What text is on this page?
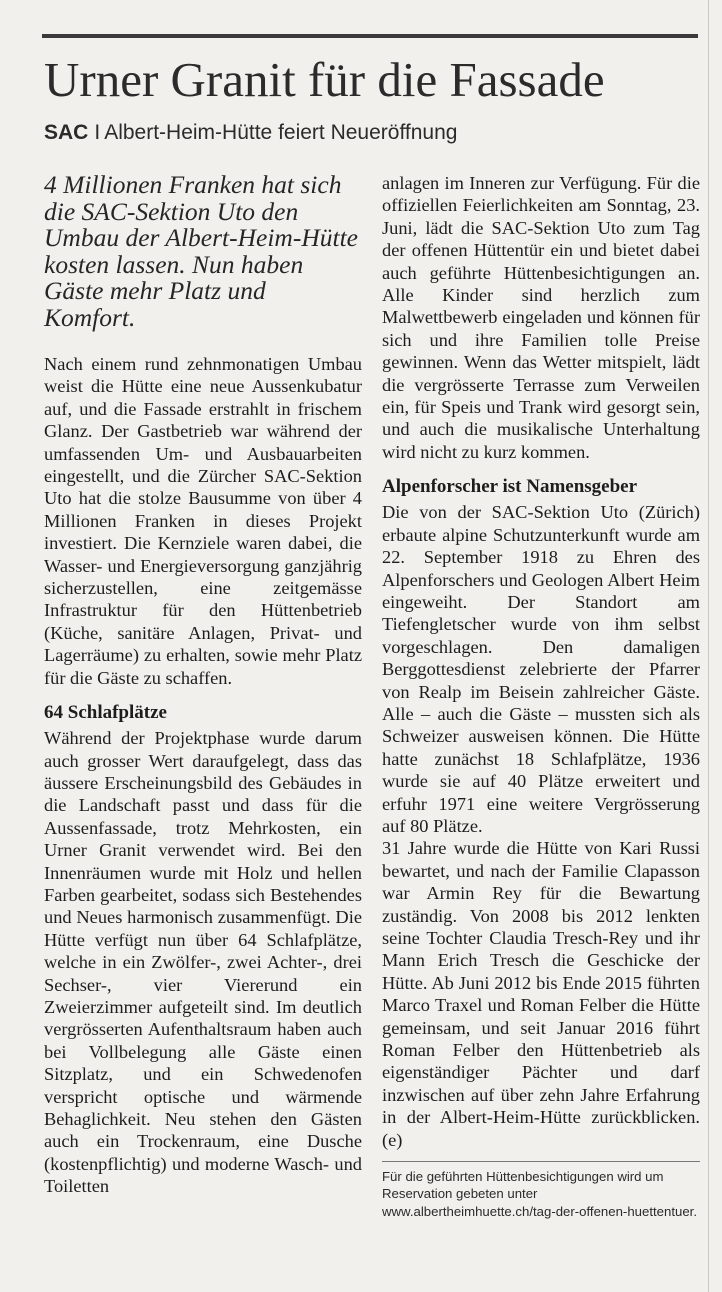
Urner Granit für die Fassade
SAC I Albert-Heim-Hütte feiert Neueröffnung

4 Millionen Franken hat sich die SAC-Sektion Uto den Umbau der Albert-Heim-Hütte kosten lassen. Nun haben Gäste mehr Platz und Komfort.

Nach einem rund zehnmonatigen Umbau weist die Hütte eine neue Aussenkubatur auf, und die Fassade erstrahlt in frischem Glanz. Der Gastbetrieb war während der umfassenden Um- und Ausbauarbeiten eingestellt, und die Zürcher SAC-Sektion Uto hat die stolze Bausumme von über 4 Millionen Franken in dieses Projekt investiert. Die Kernziele waren dabei, die Wasser- und Energieversorgung ganzjährig sicherzustellen, eine zeitgemässe Infrastruktur für den Hüttenbetrieb (Küche, sanitäre Anlagen, Privat- und Lagerräume) zu erhalten, sowie mehr Platz für die Gäste zu schaffen.

64 Schlafplätze

Während der Projektphase wurde darum auch grosser Wert daraufgelegt, dass das äussere Erscheinungsbild des Gebäudes in die Landschaft passt und dass für die Aussenfassade, trotz Mehrkosten, ein Urner Granit verwendet wird. Bei den Innenräumen wurde mit Holz und hellen Farben gearbeitet, sodass sich Bestehendes und Neues harmonisch zusammenfügt. Die Hütte verfügt nun über 64 Schlafplätze, welche in ein Zwölfer-, zwei Achter-, drei Sechser-, vier Viererund ein Zweierzimmer aufgeteilt sind. Im deutlich vergrösserten Aufenthaltsraum haben auch bei Vollbelegung alle Gäste einen Sitzplatz, und ein Schwedenofen verspricht optische und wärmende Behaglichkeit. Neu stehen den Gästen auch ein Trockenraum, eine Dusche (kostenpflichtig) und moderne Wasch- und Toiletten

anlagen im Inneren zur Verfügung. Für die offiziellen Feierlichkeiten am Sonntag, 23. Juni, lädt die SAC-Sektion Uto zum Tag der offenen Hüttentür ein und bietet dabei auch geführte Hüttenbesichtigungen an. Alle Kinder sind herzlich zum Malwettbewerb eingeladen und können für sich und ihre Familien tolle Preise gewinnen. Wenn das Wetter mitspielt, lädt die vergrösserte Terrasse zum Verweilen ein, für Speis und Trank wird gesorgt sein, und auch die musikalische Unterhaltung wird nicht zu kurz kommen.

Alpenforscher ist Namensgeber

Die von der SAC-Sektion Uto (Zürich) erbaute alpine Schutzunterkunft wurde am 22. September 1918 zu Ehren des Alpenforschers und Geologen Albert Heim eingeweiht. Der Standort am Tiefengletscher wurde von ihm selbst vorgeschlagen. Den damaligen Berggottesdienst zelebrierte der Pfarrer von Realp im Beisein zahlreicher Gäste. Alle – auch die Gäste – mussten sich als Schweizer ausweisen können. Die Hütte hatte zunächst 18 Schlafplätze, 1936 wurde sie auf 40 Plätze erweitert und erfuhr 1971 eine weitere Vergrösserung auf 80 Plätze.

31 Jahre wurde die Hütte von Kari Russi bewartet, und nach der Familie Clapasson war Armin Rey für die Bewartung zuständig. Von 2008 bis 2012 lenkten seine Tochter Claudia Tresch-Rey und ihr Mann Erich Tresch die Geschicke der Hütte. Ab Juni 2012 bis Ende 2015 führten Marco Traxel und Roman Felber die Hütte gemeinsam, und seit Januar 2016 führt Roman Felber den Hüttenbetrieb als eigenständiger Pächter und darf inzwischen auf über zehn Jahre Erfahrung in der Albert-Heim-Hütte zurückblicken. (e)

Für die geführten Hüttenbesichtigungen wird um Reservation gebeten unter www.albertheimhuette.ch/tag-der-offenen-huettentuer.
